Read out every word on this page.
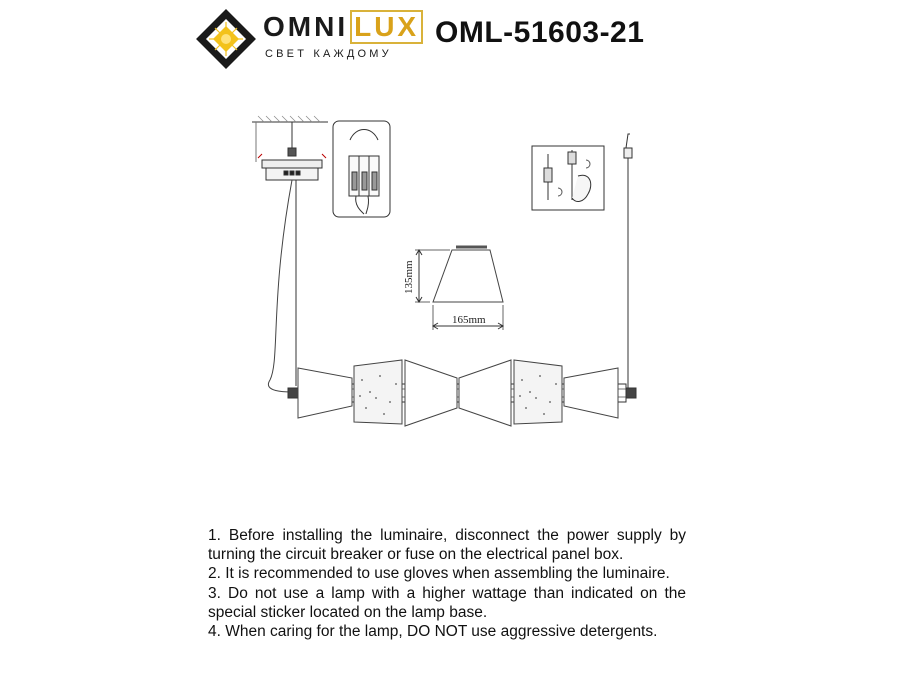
OMNI LUX
СВЕТ КАЖДОМУ
OML-51603-21
135mm
165mm

1. Before installing the luminaire, disconnect the power supply by turning the circuit breaker or fuse on the electrical panel box.

2. It is recommended to use gloves when assembling the luminaire.

3. Do not use a lamp with a higher wattage than indicated on the special sticker located on the lamp base.

4. When caring for the lamp, DO NOT use aggressive detergents.
